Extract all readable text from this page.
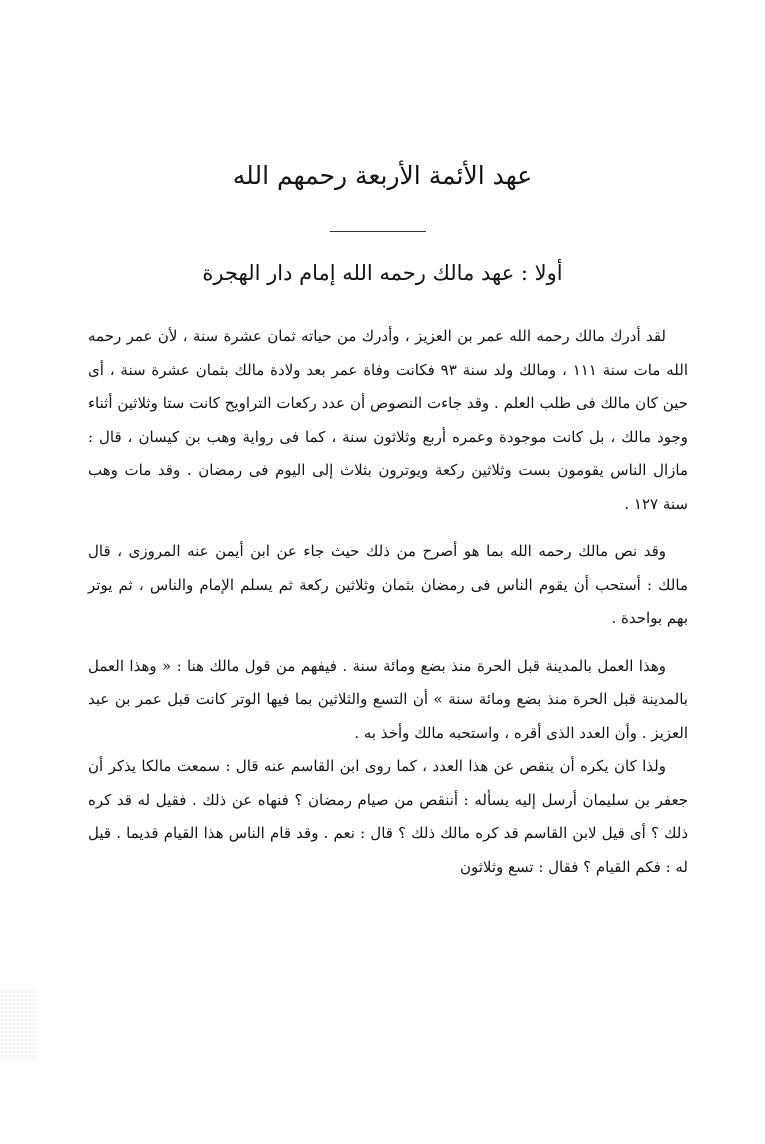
عهد الأئمة الأربعة رحمهم الله
أولا : عهد مالك رحمه الله إمام دار الهجرة

لقد أدرك مالك رحمه الله عمر بن العزيز ، وأدرك من حياته ثمان عشرة سنة ، لأن عمر رحمه الله مات سنة ١١١ ، ومالك ولد سنة ٩٣ فكانت وفاة عمر بعد ولادة مالك بثمان عشرة سنة ، أى حين كان مالك فى طلب العلم . وقد جاءت النصوص أن عدد ركعات التراويح كانت ستا وثلاثين أثناء وجود مالك ، بل كانت موجودة وعمره أربع وثلاثون سنة ، كما فى رواية وهب بن كيسان ، قال : مازال الناس يقومون بست وثلاثين ركعة ويوترون بثلاث إلى اليوم فى رمضان . وقد مات وهب سنة ١٢٧ .

وقد نص مالك رحمه الله بما هو أصرح من ذلك حيث جاء عن ابن أيمن عنه المروزى ، قال مالك : أستحب أن يقوم الناس فى رمضان بثمان وثلاثين ركعة ثم يسلم الإمام والناس ، ثم يوتر بهم بواحدة .

وهذا العمل بالمدينة قبل الحرة منذ بضع ومائة سنة . فيفهم من قول مالك هنا : « وهذا العمل بالمدينة قبل الحرة منذ بضع ومائة سنة » أن التسع والثلاثين بما فيها الوتر كانت قبل عمر بن عبد العزيز . وأن العدد الذى أقره ، واستحبه مالك وأخذ به .

ولذا كان يكره أن ينقص عن هذا العدد ، كما روى ابن القاسم عنه قال : سمعت مالكا يذكر أن جعفر بن سليمان أرسل إليه يسأله : أننقص من صيام رمضان ؟ فنهاه عن ذلك . فقيل له قد كره ذلك ؟ أى قيل لابن القاسم قد كره مالك ذلك ؟ قال : نعم . وقد قام الناس هذا القيام قديما . قيل له : فكم القيام ؟ فقال : تسع وثلاثون
